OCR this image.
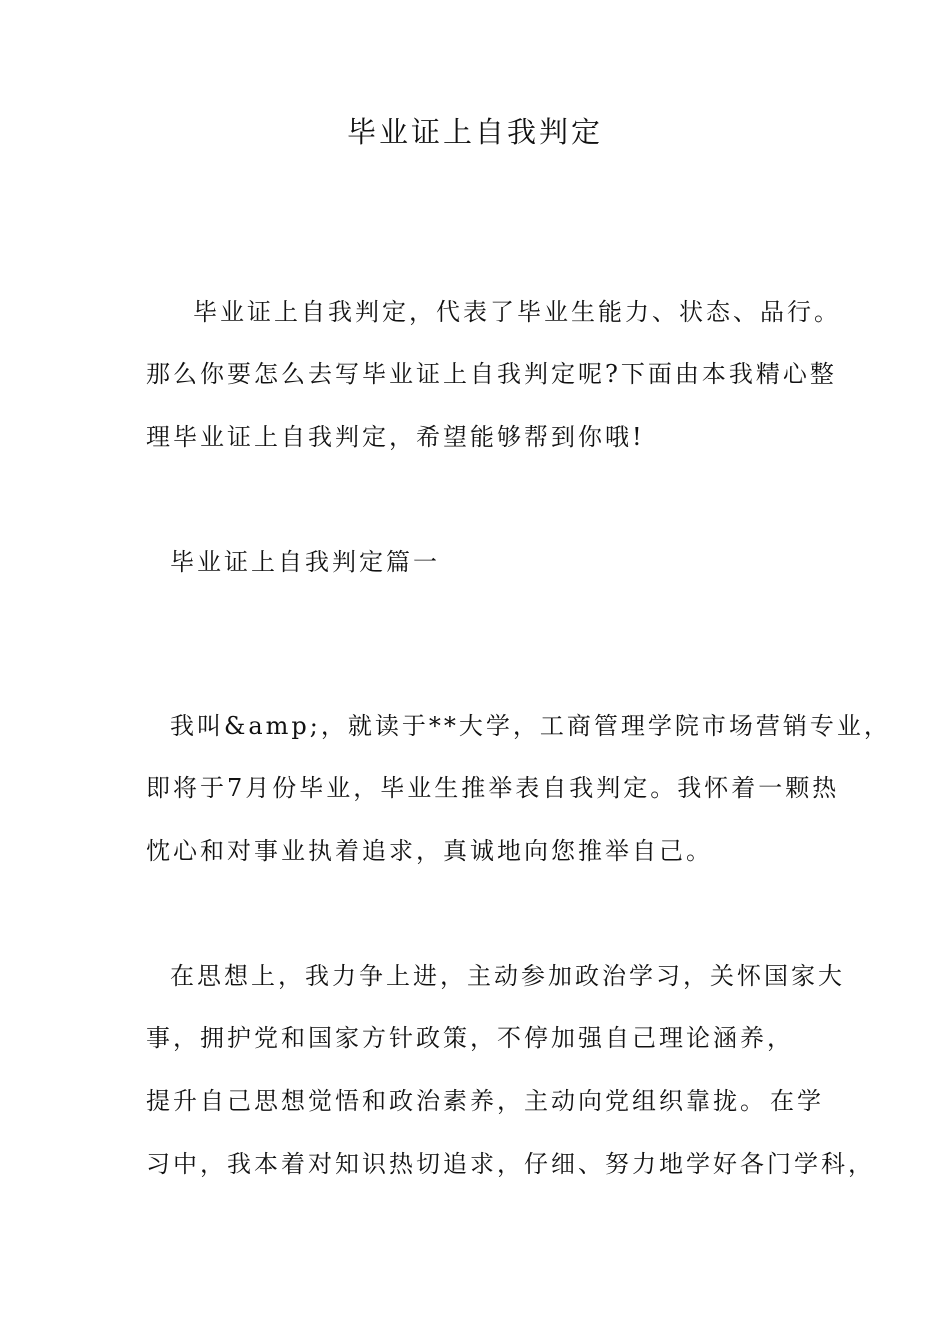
毕业证上自我判定
毕业证上自我判定，代表了毕业生能力、状态、品行。
那么你要怎么去写毕业证上自我判定呢?下面由本我精心整
理毕业证上自我判定，希望能够帮到你哦!
毕业证上自我判定篇一
我叫&amp;，就读于**大学，工商管理学院市场营销专业，
即将于7月份毕业，毕业生推举表自我判定。我怀着一颗热
忱心和对事业执着追求，真诚地向您推举自己。
在思想上，我力争上进，主动参加政治学习，关怀国家大
事，拥护党和国家方针政策，不停加强自己理论涵养，
提升自己思想觉悟和政治素养，主动向党组织靠拢。 在学
习中，我本着对知识热切追求，仔细、努力地学好各门学科，
